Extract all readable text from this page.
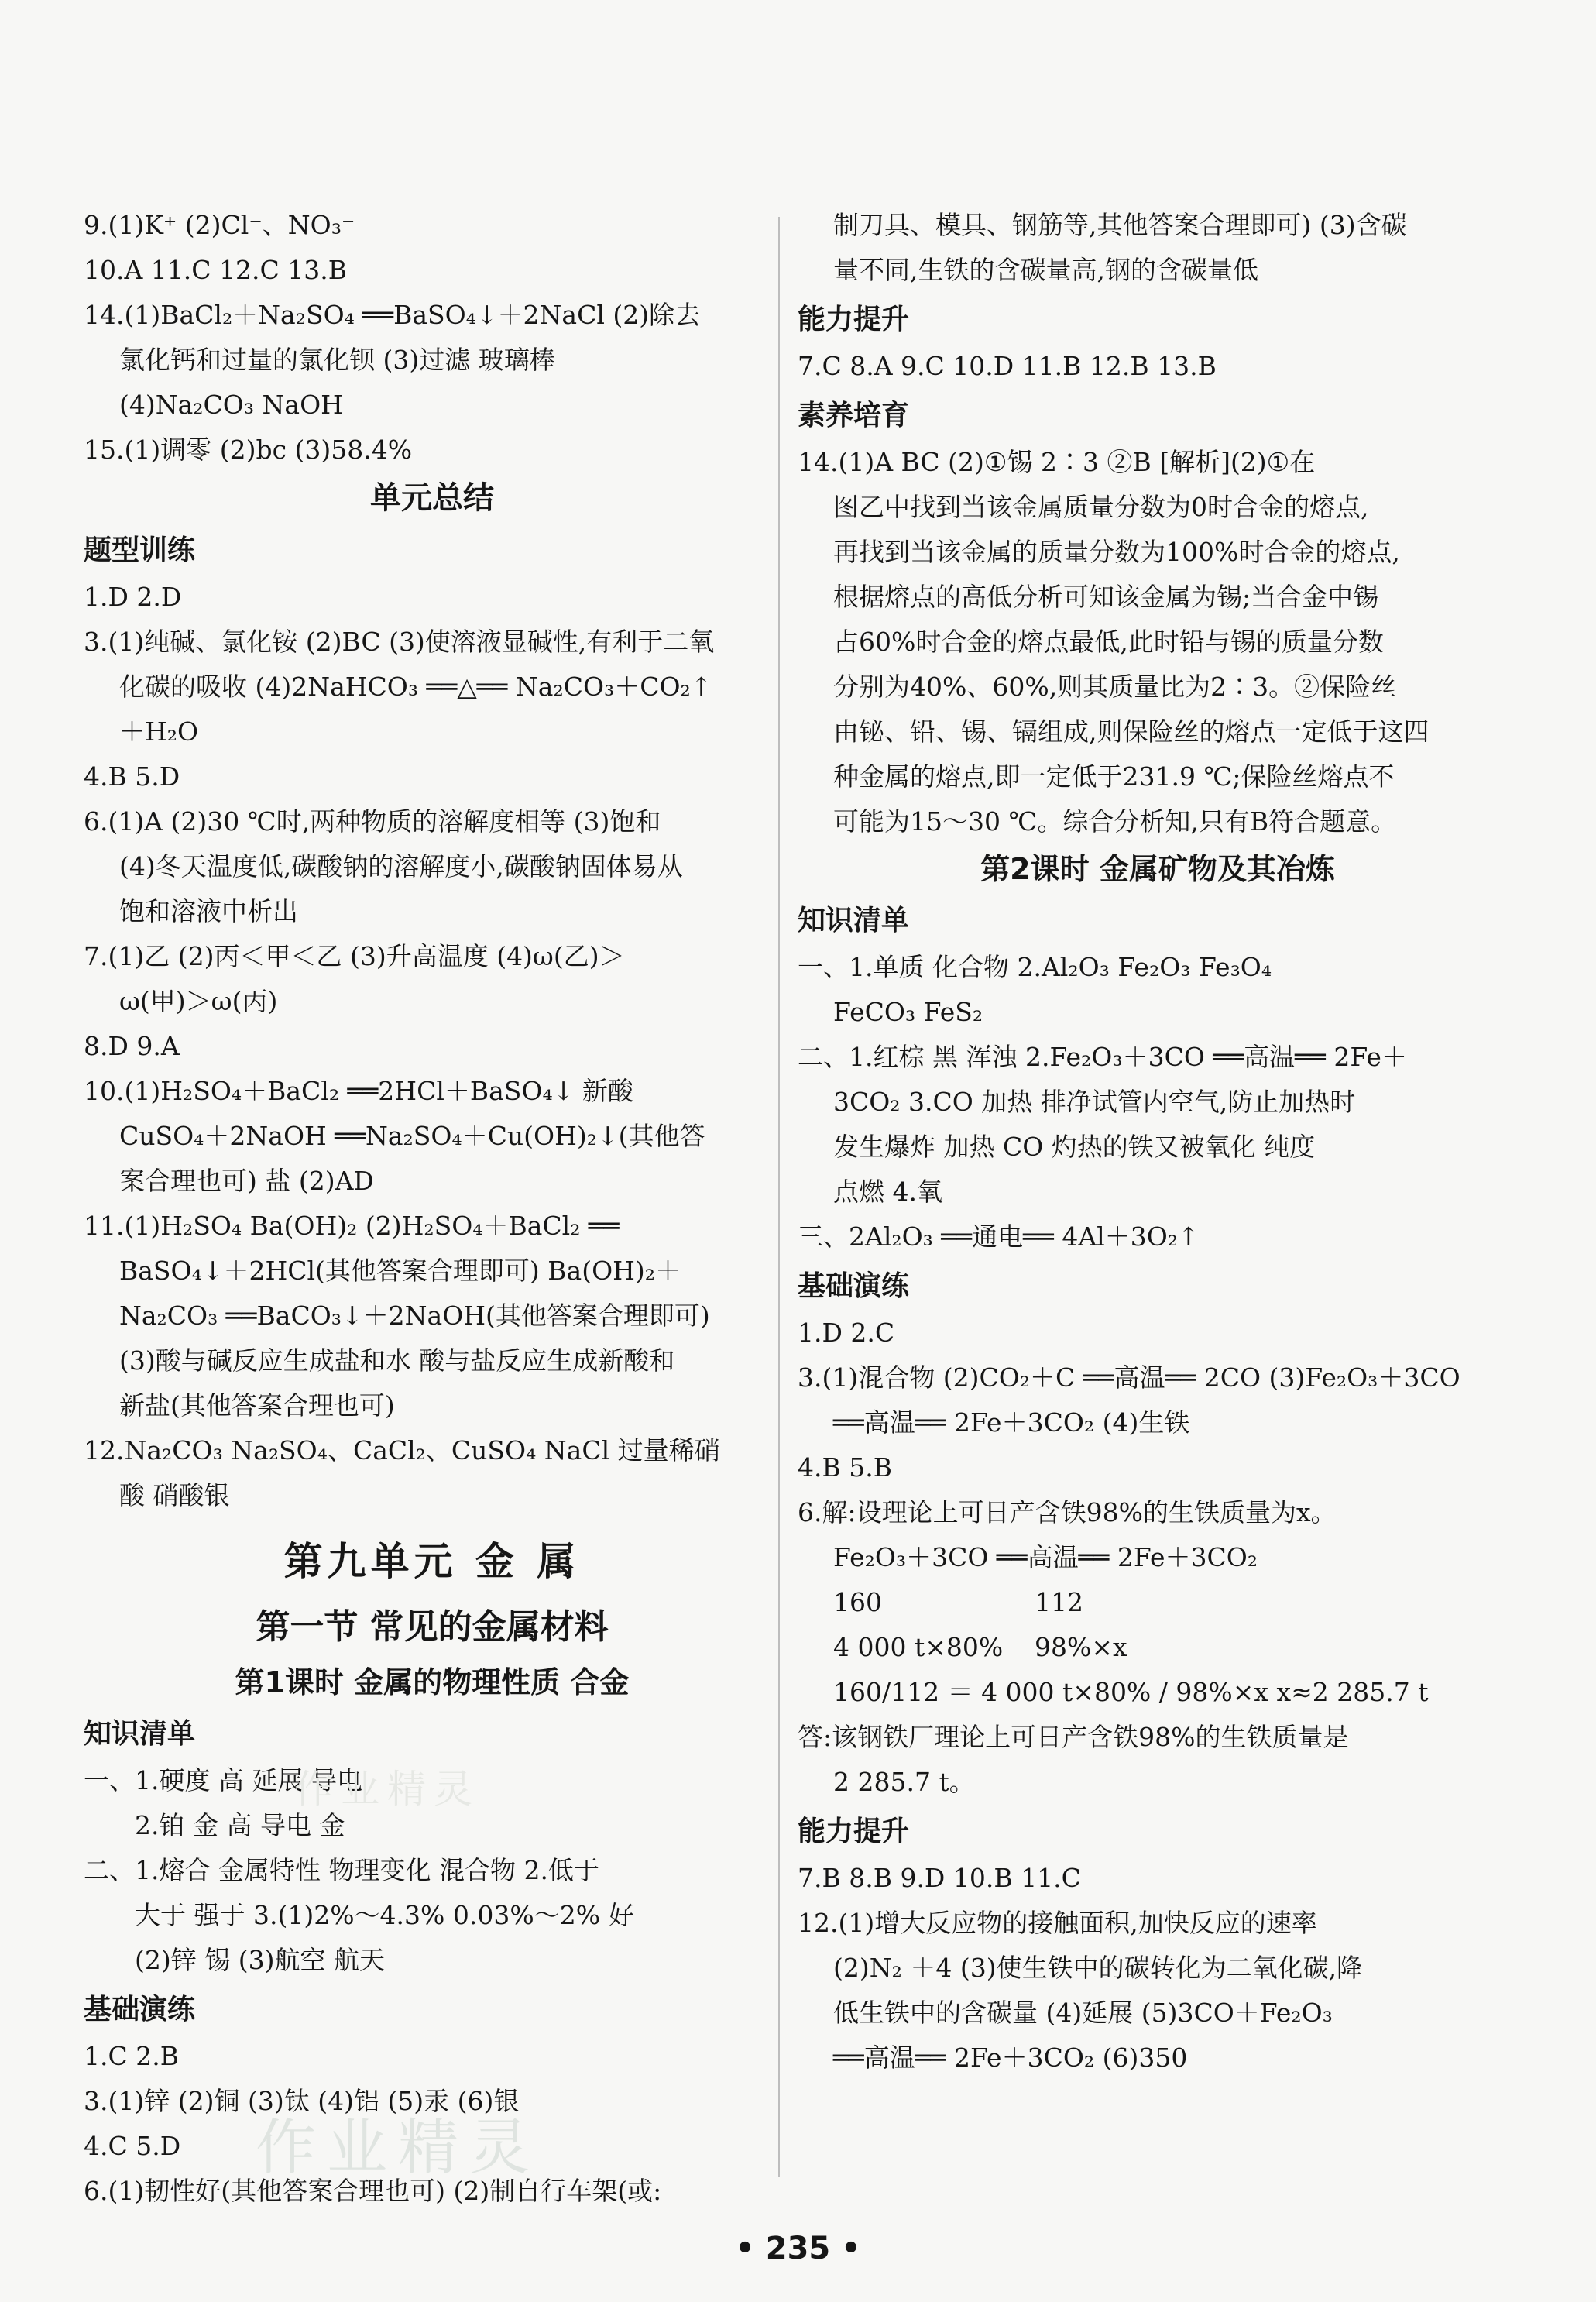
9.(1)K⁺ (2)Cl⁻、NO₃⁻
10.A 11.C 12.C 13.B
14.(1)BaCl₂＋Na₂SO₄ ══BaSO₄↓＋2NaCl (2)除去
氯化钙和过量的氯化钡 (3)过滤 玻璃棒
(4)Na₂CO₃ NaOH
15.(1)调零 (2)bc (3)58.4%
单元总结
题型训练
1.D 2.D
3.(1)纯碱、氯化铵 (2)BC (3)使溶液显碱性,有利于二氧
化碳的吸收 (4)2NaHCO₃ ══△══ Na₂CO₃＋CO₂↑
＋H₂O
4.B 5.D
6.(1)A (2)30 ℃时,两种物质的溶解度相等 (3)饱和
(4)冬天温度低,碳酸钠的溶解度小,碳酸钠固体易从
饱和溶液中析出
7.(1)乙 (2)丙＜甲＜乙 (3)升高温度 (4)ω(乙)＞
ω(甲)＞ω(丙)
8.D 9.A
10.(1)H₂SO₄＋BaCl₂ ══2HCl＋BaSO₄↓ 新酸
CuSO₄＋2NaOH ══Na₂SO₄＋Cu(OH)₂↓(其他答
案合理也可) 盐 (2)AD
11.(1)H₂SO₄ Ba(OH)₂ (2)H₂SO₄＋BaCl₂ ══
BaSO₄↓＋2HCl(其他答案合理即可) Ba(OH)₂＋
Na₂CO₃ ══BaCO₃↓＋2NaOH(其他答案合理即可)
(3)酸与碱反应生成盐和水 酸与盐反应生成新酸和
新盐(其他答案合理也可)
12.Na₂CO₃ Na₂SO₄、CaCl₂、CuSO₄ NaCl 过量稀硝
酸 硝酸银
第九单元 金 属
第一节 常见的金属材料
第1课时 金属的物理性质 合金
知识清单
一、1.硬度 高 延展 导电
2.铂 金 高 导电 金
二、1.熔合 金属特性 物理变化 混合物 2.低于
大于 强于 3.(1)2%～4.3% 0.03%～2% 好
(2)锌 锡 (3)航空 航天
基础演练
1.C 2.B
3.(1)锌 (2)铜 (3)钛 (4)铝 (5)汞 (6)银
4.C 5.D
6.(1)韧性好(其他答案合理也可) (2)制自行车架(或:
制刀具、模具、钢筋等,其他答案合理即可) (3)含碳
量不同,生铁的含碳量高,钢的含碳量低
能力提升
7.C 8.A 9.C 10.D 11.B 12.B 13.B
素养培育
14.(1)A BC (2)①锡 2∶3 ②B [解析](2)①在
图乙中找到当该金属质量分数为0时合金的熔点,
再找到当该金属的质量分数为100%时合金的熔点,
根据熔点的高低分析可知该金属为锡;当合金中锡
占60%时合金的熔点最低,此时铅与锡的质量分数
分别为40%、60%,则其质量比为2∶3。②保险丝
由铋、铅、锡、镉组成,则保险丝的熔点一定低于这四
种金属的熔点,即一定低于231.9 ℃;保险丝熔点不
可能为15～30 ℃。综合分析知,只有B符合题意。
第2课时 金属矿物及其冶炼
知识清单
一、1.单质 化合物 2.Al₂O₃ Fe₂O₃ Fe₃O₄
FeCO₃ FeS₂
二、1.红棕 黑 浑浊 2.Fe₂O₃＋3CO ══高温══ 2Fe＋
3CO₂ 3.CO 加热 排净试管内空气,防止加热时
发生爆炸 加热 CO 灼热的铁又被氧化 纯度
点燃 4.氧
三、2Al₂O₃ ══通电══ 4Al＋3O₂↑
基础演练
1.D 2.C
3.(1)混合物 (2)CO₂＋C ══高温══ 2CO (3)Fe₂O₃＋3CO
══高温══ 2Fe＋3CO₂ (4)生铁
4.B 5.B
6.解:设理论上可日产含铁98%的生铁质量为x。
Fe₂O₃＋3CO ══高温══ 2Fe＋3CO₂
160	112
4 000 t×80% 98%×x
160/112 ＝ 4 000 t×80% / 98%×x x≈2 285.7 t
答:该钢铁厂理论上可日产含铁98%的生铁质量是
2 285.7 t。
能力提升
7.B 8.B 9.D 10.B 11.C
12.(1)增大反应物的接触面积,加快反应的速率
(2)N₂ ＋4 (3)使生铁中的碳转化为二氧化碳,降
低生铁中的含碳量 (4)延展 (5)3CO＋Fe₂O₃
══高温══ 2Fe＋3CO₂ (6)350
作业精灵
作业精灵
• 235 •
